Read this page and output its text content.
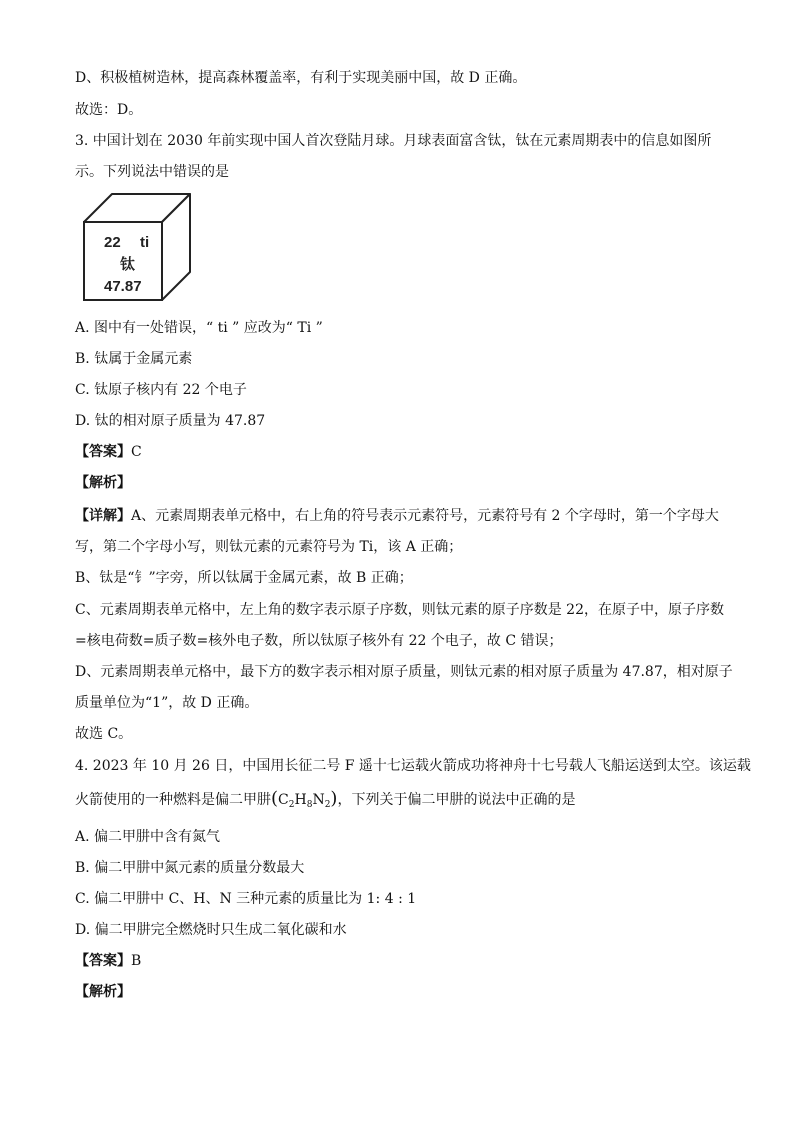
D、积极植树造林，提高森林覆盖率，有利于实现美丽中国，故 D 正确。
故选：D。
3. 中国计划在 2030 年前实现中国人首次登陆月球。月球表面富含钛，钛在元素周期表中的信息如图所
示。下列说法中错误的是
22 ti
钛
47.87
A. 图中有一处错误，“ ti ” 应改为“ Ti ”
B. 钛属于金属元素
C. 钛原子核内有 22 个电子
D. 钛的相对原子质量为 47.87
【答案】C
【解析】
【详解】A、元素周期表单元格中，右上角的符号表示元素符号，元素符号有 2 个字母时，第一个字母大
写，第二个字母小写，则钛元素的元素符号为 Ti，该 A 正确；
B、钛是“钅”字旁，所以钛属于金属元素，故 B 正确；
C、元素周期表单元格中，左上角的数字表示原子序数，则钛元素的原子序数是 22，在原子中，原子序数
=核电荷数=质子数=核外电子数，所以钛原子核外有 22 个电子，故 C 错误；
D、元素周期表单元格中，最下方的数字表示相对原子质量，则钛元素的相对原子质量为 47.87，相对原子
质量单位为“1”，故 D 正确。
故选 C。
4. 2023 年 10 月 26 日，中国用长征二号 F 遥十七运载火箭成功将神舟十七号载人飞船运送到太空。该运载
火箭使用的一种燃料是偏二甲肼$(C_2H_8N_2)$，下列关于偏二甲肼的说法中正确的是
A. 偏二甲肼中含有氮气
B. 偏二甲肼中氮元素的质量分数最大
C. 偏二甲肼中 C、H、N 三种元素的质量比为 1: 4 : 1
D. 偏二甲肼完全燃烧时只生成二氧化碳和水
【答案】B
【解析】
